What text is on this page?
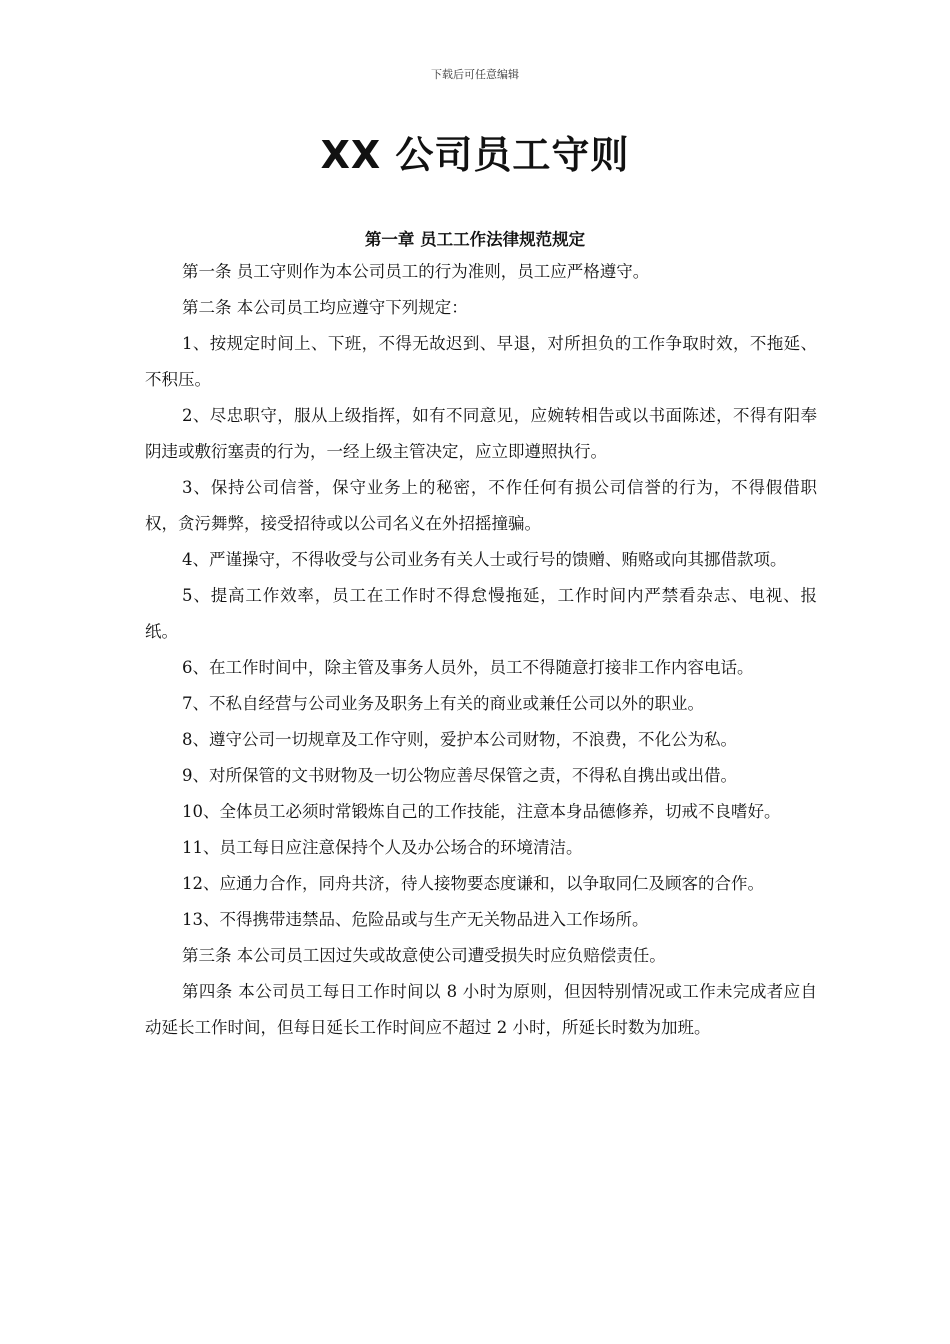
下载后可任意编辑
XX 公司员工守则
第一章 员工工作法律规范规定

第一条 员工守则作为本公司员工的行为准则，员工应严格遵守。

第二条 本公司员工均应遵守下列规定：

1、按规定时间上、下班，不得无故迟到、早退，对所担负的工作争取时效，不拖延、不积压。

2、尽忠职守，服从上级指挥，如有不同意见，应婉转相告或以书面陈述，不得有阳奉阴违或敷衍塞责的行为，一经上级主管决定，应立即遵照执行。

3、保持公司信誉，保守业务上的秘密，不作任何有损公司信誉的行为，不得假借职权，贪污舞弊，接受招待或以公司名义在外招摇撞骗。

4、严谨操守，不得收受与公司业务有关人士或行号的馈赠、贿赂或向其挪借款项。

5、提高工作效率，员工在工作时不得怠慢拖延，工作时间内严禁看杂志、电视、报纸。

6、在工作时间中，除主管及事务人员外，员工不得随意打接非工作内容电话。

7、不私自经营与公司业务及职务上有关的商业或兼任公司以外的职业。

8、遵守公司一切规章及工作守则，爱护本公司财物，不浪费，不化公为私。

9、对所保管的文书财物及一切公物应善尽保管之责，不得私自携出或出借。

10、全体员工必须时常锻炼自己的工作技能，注意本身品德修养，切戒不良嗜好。

11、员工每日应注意保持个人及办公场合的环境清洁。

12、应通力合作，同舟共济，待人接物要态度谦和，以争取同仁及顾客的合作。

13、不得携带违禁品、危险品或与生产无关物品进入工作场所。

第三条 本公司员工因过失或故意使公司遭受损失时应负赔偿责任。

第四条 本公司员工每日工作时间以 8 小时为原则，但因特别情况或工作未完成者应自动延长工作时间，但每日延长工作时间应不超过 2 小时，所延长时数为加班。
